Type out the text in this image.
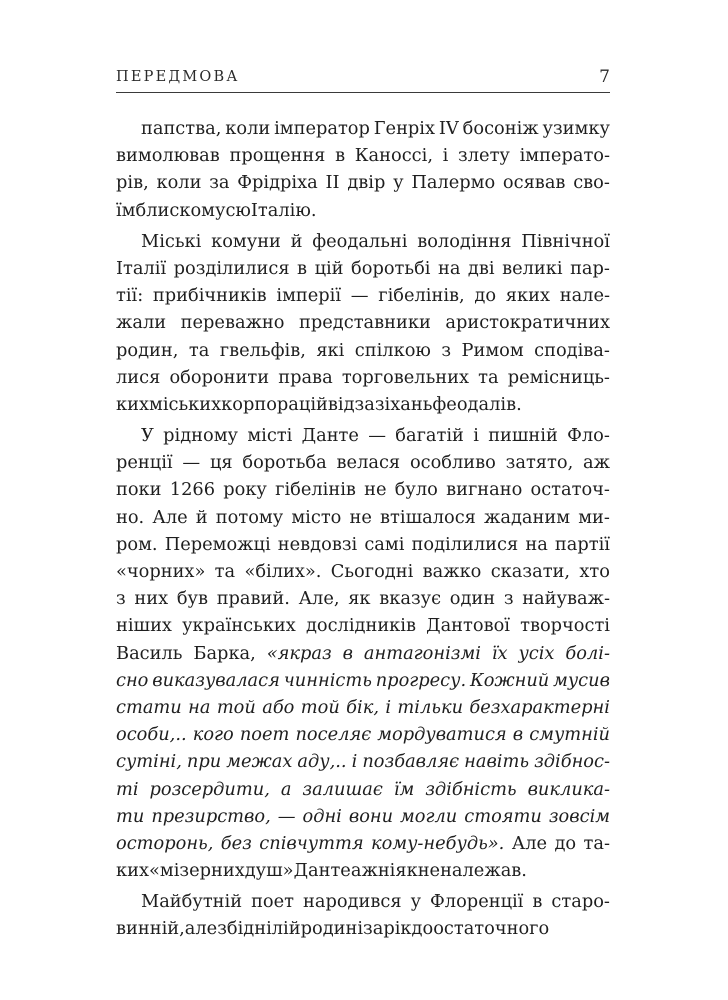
ПЕРЕДМОВА	7
папства, коли імператор Генріх IV босоніж узимку
вимолював прощення в Каноссі, і злету імперато-
рів, коли за Фрідріха II двір у Палермо осявав сво-
їм блиском усю Італію.
Міські комуни й феодальні володіння Північної
Італії розділилися в цій боротьбі на дві великі пар-
тії: прибічників імперії — гібелінів, до яких нале-
жали переважно представники аристократичних
родин, та гвельфів, які спілкою з Римом сподіва-
лися оборонити права торговельних та ремісниць-
ких міських корпорацій від зазіхань феодалів.
У рідному місті Данте — багатій і пишній Фло-
ренції — ця боротьба велася особливо затято, аж
поки 1266 року гібелінів не було вигнано остаточ-
но. Але й потому місто не втішалося жаданим ми-
ром. Переможці невдовзі самі поділилися на партії
«чорних» та «білих». Сьогодні важко сказати, хто
з них був правий. Але, як вказує один з найуваж-
ніших українських дослідників Дантової творчості
Василь Барка, «якраз в антагонізмі їх усіх болі-
сно виказувалася чинність прогресу. Кожний мусив
стати на той або той бік, і тільки безхарактерні
особи,.. кого поет поселяє мордуватися в смутній
сутіні, при межах аду,.. і позбавляє навіть здібнос-
ті розсердити, а залишає їм здібність виклика-
ти презирство, — одні вони могли стояти зовсім
осторонь, без співчуття кому-небудь». Але до та-
ких «мізерних душ» Данте аж ніяк не належав.
Майбутній поет народився у Флоренції в старо-
винній, але збіднілій родині за рік до остаточного
